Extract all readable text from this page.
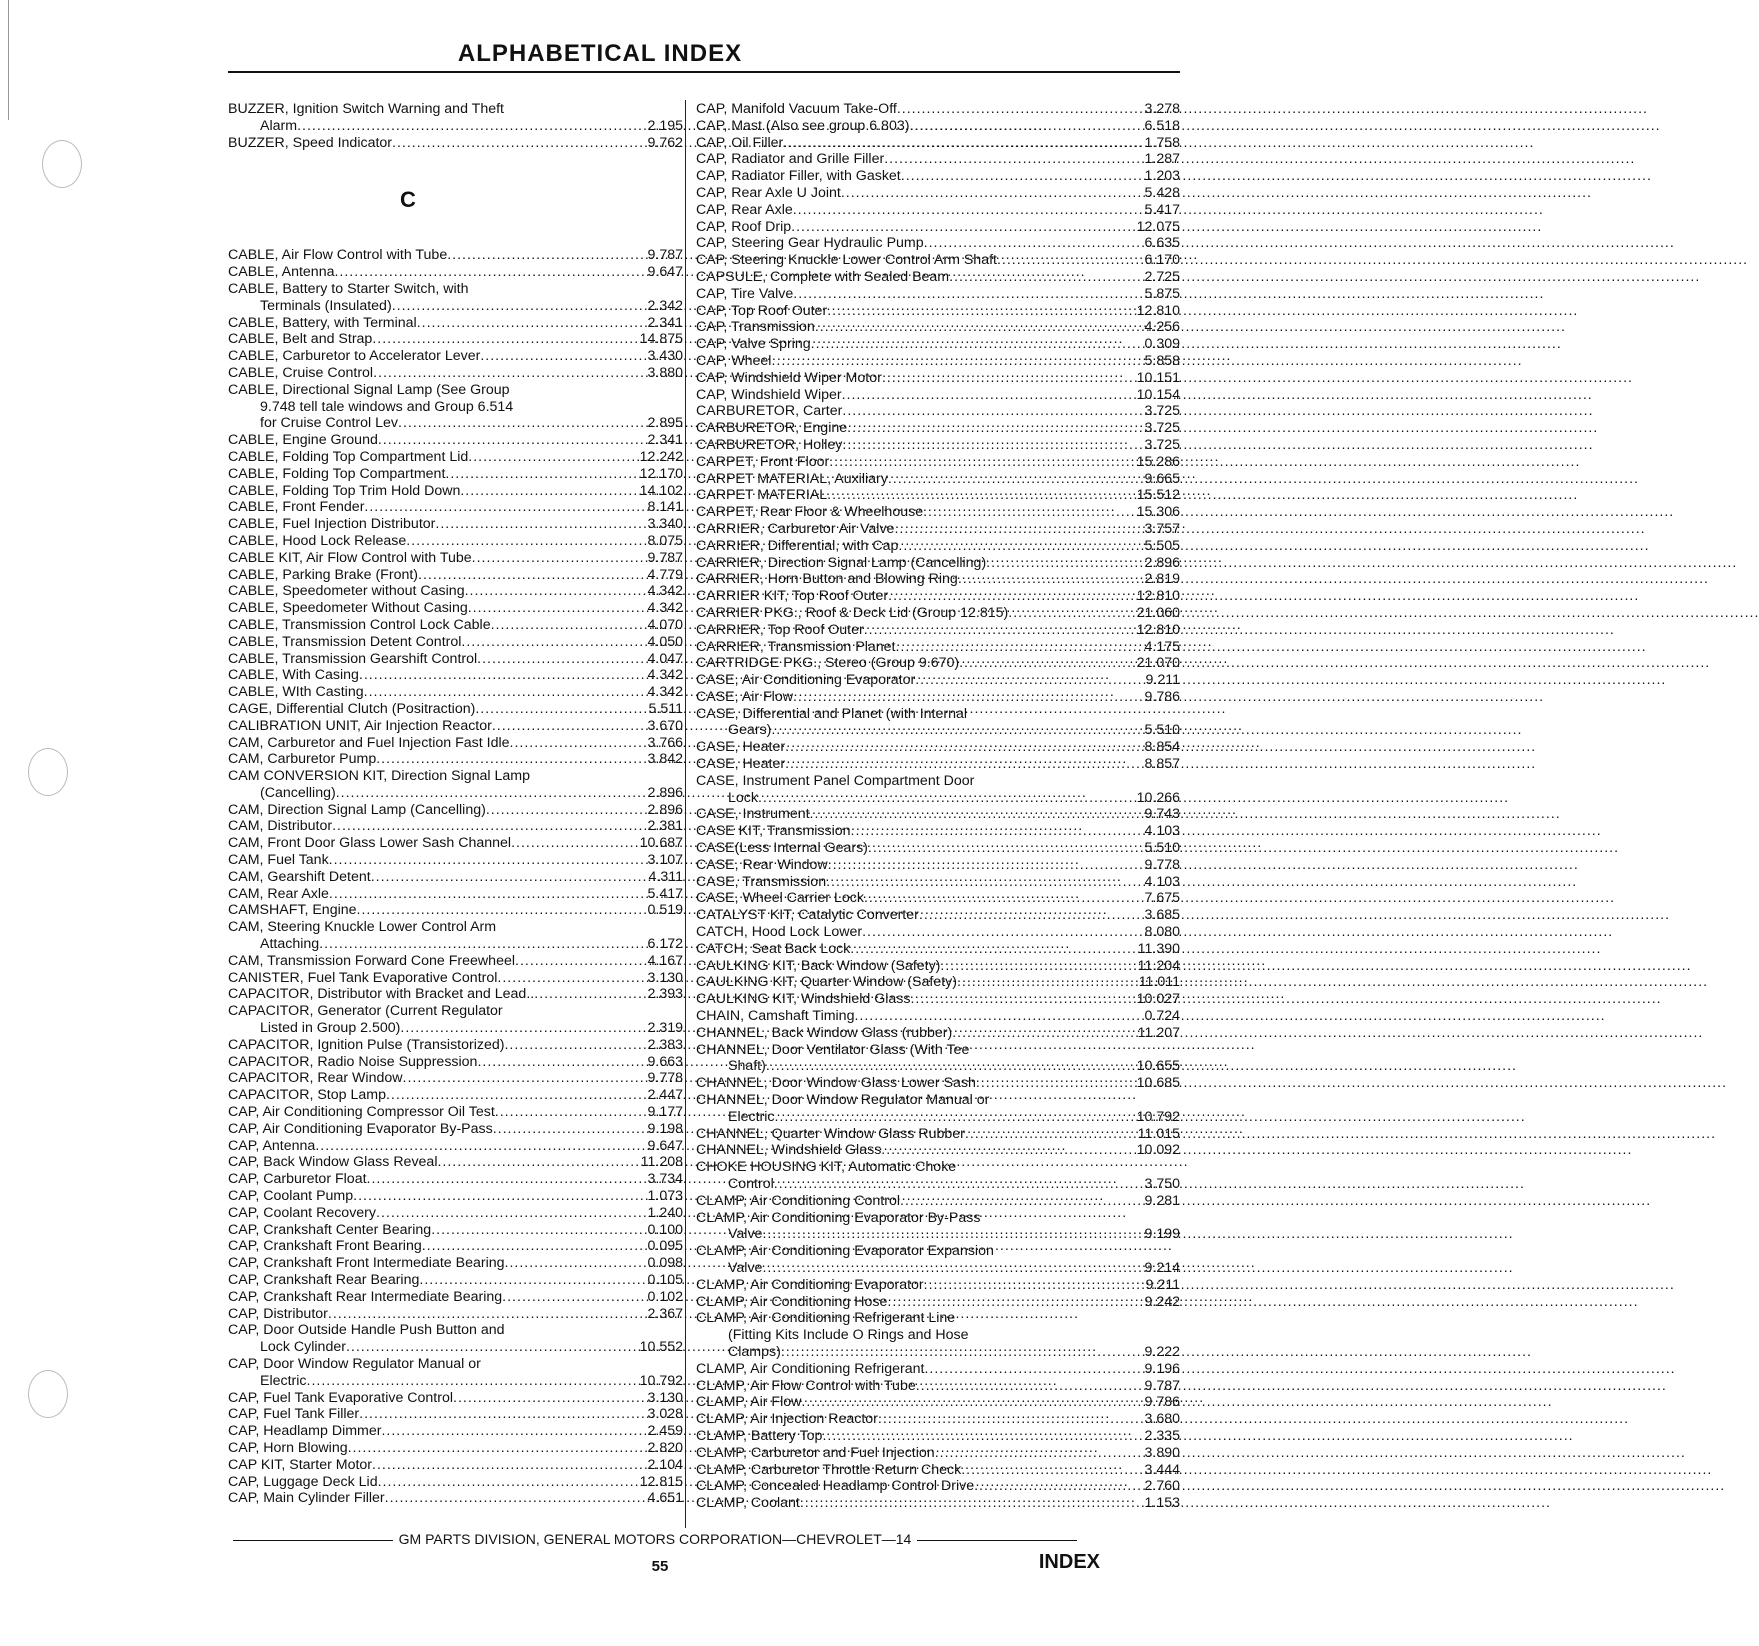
ALPHABETICAL INDEX
BUZZER, Ignition Switch Warning and Theft
Alarm .....	2.195
BUZZER, Speed Indicator .....	9.762
C
CABLE, Air Flow Control with Tube .....	9.787
CABLE, Antenna .....	9.647
CABLE, Battery to Starter Switch, with
Terminals (Insulated) .....	2.342
CABLE, Battery, with Terminal .....	2.341
CABLE, Belt and Strap .....	14.875
CABLE, Carburetor to Accelerator Lever .....	3.430
CABLE, Cruise Control .....	3.880
CABLE, Directional Signal Lamp (See Group
9.748 tell tale windows and Group 6.514
for Cruise Control Lev .....	2.895
CABLE, Engine Ground .....	2.341
CABLE, Folding Top Compartment Lid .....	12.242
CABLE, Folding Top Compartment .....	12.170
CABLE, Folding Top Trim Hold Down .....	14.102
CABLE, Front Fender .....	8.141
CABLE, Fuel Injection Distributor .....	3.340
CABLE, Hood Lock Release .....	8.075
CABLE KIT, Air Flow Control with Tube .....	9.787
CABLE, Parking Brake (Front) .....	4.779
CABLE, Speedometer without Casing .....	4.342
CABLE, Speedometer Without Casing .....	4.342
CABLE, Transmission Control Lock Cable .....	4.070
CABLE, Transmission Detent Control .....	4.050
CABLE, Transmission Gearshift Control .....	4.047
CABLE, With Casing .....	4.342
CABLE, WIth Casting .....	4.342
CAGE, Differential Clutch (Positraction) .....	5.511
CALIBRATION UNIT, Air Injection Reactor .....	3.670
CAM, Carburetor and Fuel Injection Fast Idle .....	3.766
CAM, Carburetor Pump .....	3.842
CAM CONVERSION KIT, Direction Signal Lamp
(Cancelling) .....	2.896
CAM, Direction Signal Lamp (Cancelling) .....	2.896
CAM, Distributor .....	2.381
CAM, Front Door Glass Lower Sash Channel .....	10.687
CAM, Fuel Tank .....	3.107
CAM, Gearshift Detent .....	4.311
CAM, Rear Axle .....	5.417
CAMSHAFT, Engine .....	0.519
CAM, Steering Knuckle Lower Control Arm
Attaching .....	6.172
CAM, Transmission Forward Cone Freewheel .....	4.167
CANISTER, Fuel Tank Evaporative Control .....	3.130
CAPACITOR, Distributor with Bracket and Lead.. .....	2.393
CAPACITOR, Generator (Current Regulator
Listed in Group 2.500) .....	2.319
CAPACITOR, Ignition Pulse (Transistorized) .....	2.383
CAPACITOR, Radio Noise Suppression .....	9.663
CAPACITOR, Rear Window .....	9.778
CAPACITOR, Stop Lamp .....	2.447
CAP, Air Conditioning Compressor Oil Test .....	9.177
CAP, Air Conditioning Evaporator By-Pass .....	9.198
CAP, Antenna .....	9.647
CAP, Back Window Glass Reveal .....	11.208
CAP, Carburetor Float .....	3.734
CAP, Coolant Pump .....	1.073
CAP, Coolant Recovery .....	1.240
CAP, Crankshaft Center Bearing .....	0.100
CAP, Crankshaft Front Bearing .....	0.095
CAP, Crankshaft Front Intermediate Bearing .....	0.098
CAP, Crankshaft Rear Bearing .....	0.105
CAP, Crankshaft Rear Intermediate Bearing .....	0.102
CAP, Distributor .....	2.367
CAP, Door Outside Handle Push Button and
Lock Cylinder .....	10.552
CAP, Door Window Regulator Manual or
Electric .....	10.792
CAP, Fuel Tank Evaporative Control .....	3.130
CAP, Fuel Tank Filler .....	3.028
CAP, Headlamp Dimmer .....	2.459
CAP, Horn Blowing .....	2.820
CAP KIT, Starter Motor .....	2.104
CAP, Luggage Deck Lid .....	12.815
CAP, Main Cylinder Filler .....	4.651
CAP, Manifold Vacuum Take-Off .....	3.278
CAP, Mast (Also see group 6.803) .....	6.518
CAP, Oil Filler .....	1.758
CAP, Radiator and Grille Filler .....	1.287
CAP, Radiator Filler, with Gasket .....	1.203
CAP, Rear Axle U Joint .....	5.428
CAP, Rear Axle .....	5.417
CAP, Roof Drip .....	12.075
CAP, Steering Gear Hydraulic Pump .....	6.635
CAP, Steering Knuckle Lower Control Arm Shaft .....	6.170
CAPSULE, Complete with Sealed Beam .....	2.725
CAP, Tire Valve .....	5.875
CAP, Top Roof Outer .....	12.810
CAP, Transmission .....	4.256
CAP, Valve Spring .....	0.309
CAP, Wheel .....	5.858
CAP, Windshield Wiper Motor .....	10.151
CAP, Windshield Wiper .....	10.154
CARBURETOR, Carter .....	3.725
CARBURETOR, Engine .....	3.725
CARBURETOR, Holley .....	3.725
CARPET, Front Floor .....	15.286
CARPET MATERIAL, Auxiliary .....	9.665
CARPET MATERIAL .....	15.512
CARPET, Rear Floor & Wheelhouse .....	15.306
CARRIER, Carburetor Air Valve .....	3.757
CARRIER, Differential, with Cap .....	5.505
CARRIER, Direction Signal Lamp (Cancelling) .....	2.896
CARRIER, Horn Button and Blowing Ring .....	2.819
CARRIER KIT, Top Roof Outer .....	12.810
CARRIER PKG., Roof & Deck Lid (Group 12.815) .....	21.060
CARRIER, Top Roof Outer .....	12.810
CARRIER, Transmission Planet .....	4.175
CARTRIDGE PKG., Stereo (Group 9.670) .....	21.070
CASE, Air Conditioning Evaporator .....	9.211
CASE, Air Flow .....	9.786
CASE, Differential and Planet (with Internal
Gears) .....	5.510
CASE, Heater .....	8.854
CASE, Heater .....	8.857
CASE, Instrument Panel Compartment Door
Lock .....	10.266
CASE, Instrument .....	9.743
CASE KIT, Transmission .....	4.103
CASE(Less Internal Gears) .....	5.510
CASE, Rear Window .....	9.778
CASE, Transmission .....	4.103
CASE, Wheel Carrier Lock .....	7.675
CATALYST KIT, Catalytic Converter .....	3.685
CATCH, Hood Lock Lower .....	8.080
CATCH, Seat Back Lock .....	11.390
CAULKING KIT, Back Window (Safety) .....	11.204
CAULKING KIT, Quarter Window (Safety) .....	11.011
CAULKING KIT, Windshield Glass .....	10.027
CHAIN, Camshaft Timing .....	0.724
CHANNEL, Back Window Glass (rubber) .....	11.207
CHANNEL, Door Ventilator Glass (With Tee
Shaft) .....	10.655
CHANNEL, Door Window Glass Lower Sash .....	10.685
CHANNEL, Door Window Regulator Manual or
Electric .....	10.792
CHANNEL, Quarter Window Glass Rubber .....	11.015
CHANNEL, Windshield Glass .....	10.092
CHOKE HOUSING KIT, Automatic Choke
Control .....	3.750
CLAMP, Air Conditioning Control .....	9.281
CLAMP, Air Conditioning Evaporator By-Pass
Valve .....	9.199
CLAMP, Air Conditioning Evaporator Expansion
Valve .....	9.214
CLAMP, Air Conditioning Evaporator .....	9.211
CLAMP, Air Conditioning Hose .....	9.242
CLAMP, Air Conditioning Refrigerant Line
(Fitting Kits Include O Rings and Hose
Clamps) .....	9.222
CLAMP, Air Conditioning Refrigerant .....	9.196
CLAMP, Air Flow Control with Tube .....	9.787
CLAMP, Air Flow .....	9.786
CLAMP, Air Injection Reactor .....	3.680
CLAMP, Battery Top .....	2.335
CLAMP, Carburetor and Fuel Injection .....	3.890
CLAMP, Carburetor Throttle Return Check .....	3.444
CLAMP, Concealed Headlamp Control Drive .....	2.760
CLAMP, Coolant .....	1.153
GM PARTS DIVISION, GENERAL MOTORS CORPORATION—CHEVROLET—14
55	INDEX
